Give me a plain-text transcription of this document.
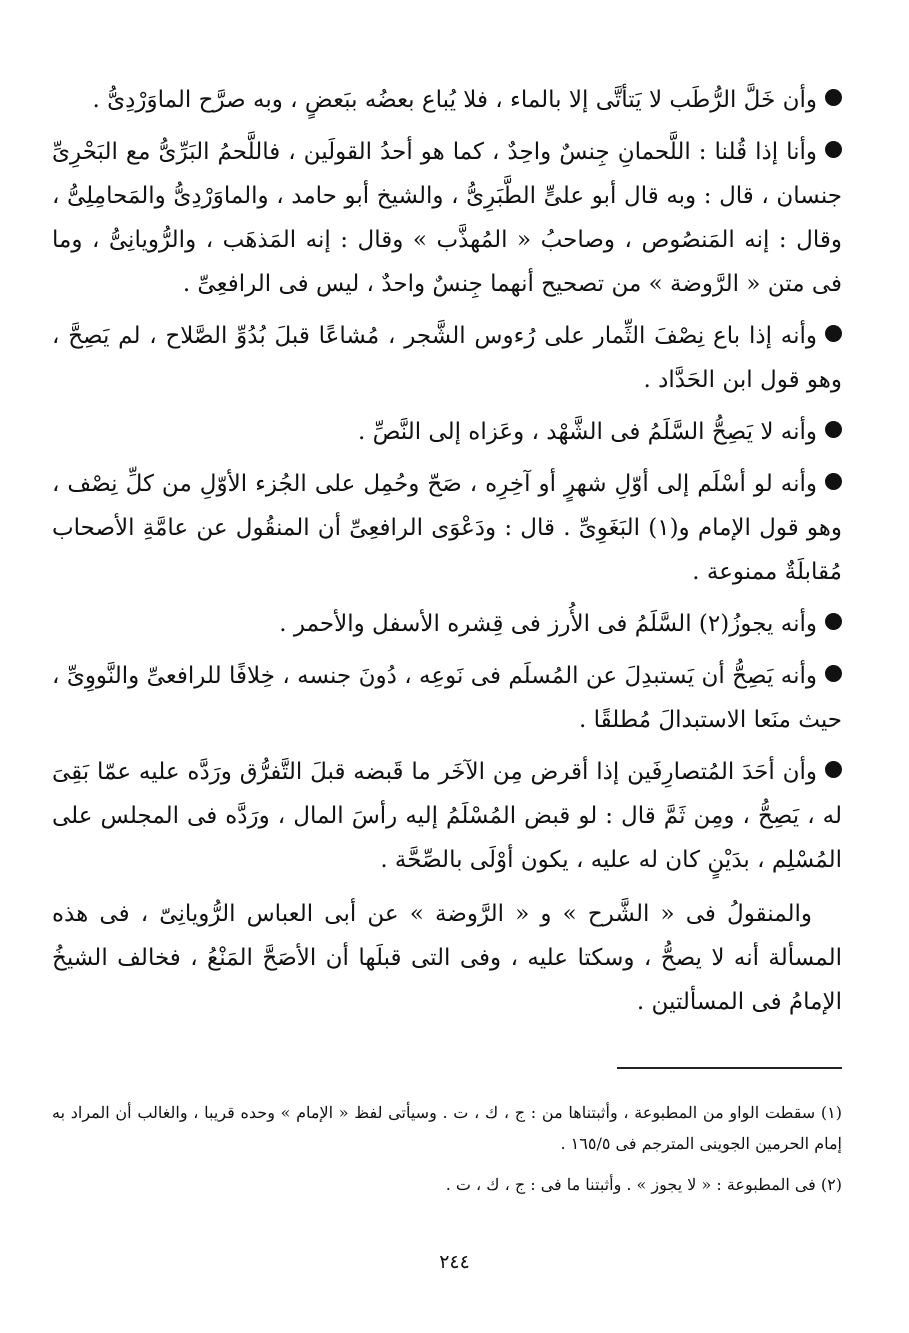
وأن خَلَّ الرُّطَب لا يَتأتَّى إلا بالماء ، فلا يُباع بعضُه ببَعضٍ ، وبه صرَّح الماوَرْدِىُّ .

وأنا إذا قُلنا : اللَّحمانِ جِنسٌ واحِدٌ ، كما هو أحدُ القولَين ، فاللَّحمُ البَرِّىُّ مع البَحْرِىِّ جنسان ، قال : وبه قال أبو علىٍّ الطَّبَرِىُّ ، والشيخ أبو حامد ، والماوَرْدِىُّ والمَحامِلِىُّ ، وقال : إنه المَنصُوص ، وصاحبُ « المُهذَّب » وقال : إنه المَذهَب ، والرُّويانِىُّ ، وما فى متن « الرَّوضة » من تصحيح أنهما جِنسٌ واحدٌ ، ليس فى الرافعِىِّ .

وأنه إذا باع نِصْفَ الثِّمار على رُءوس الشَّجر ، مُشاعًا قبلَ بُدُوِّ الصَّلاح ، لم يَصِحَّ ، وهو قول ابن الحَدَّاد .

وأنه لا يَصِحُّ السَّلَمُ فى الشَّهْد ، وعَزاه إلى النَّصِّ .

وأنه لو أسْلَم إلى أوّلِ شهرٍ أو آخِرِه ، صَحّ وحُمِل على الجُزء الأوّلِ من كلِّ نِصْف ، وهو قول الإمام و(١) البَغَوِىِّ . قال : ودَعْوَى الرافعِىِّ أن المنقُول عن عامَّةِ الأصحاب مُقابلَةٌ ممنوعة .

وأنه يجوزُ(٢) السَّلَمُ فى الأُرز فى قِشره الأسفل والأحمر .

وأنه يَصِحُّ أن يَستبدِلَ عن المُسلَم فى نَوعِه ، دُونَ جنسه ، خِلافًا للرافعىِّ والنَّووِىِّ ، حيث منَعا الاستبدالَ مُطلقًا .

وأن أحَدَ المُتصارِفَين إذا أقرض مِن الآخَر ما قَبضه قبلَ التَّفرُّق ورَدَّه عليه عمّا بَقِىَ له ، يَصِحُّ ، ومِن ثَمَّ قال : لو قبض المُسْلَمُ إليه رأسَ المال ، ورَدَّه فى المجلس على المُسْلِم ، بدَيْنٍ كان له عليه ، يكون أوْلَى بالصِّحَّة .

والمنقولُ فى « الشَّرح » و « الرَّوضة » عن أبى العباس الرُّويانِىّ ، فى هذه المسألة أنه لا يصحُّ ، وسكتا عليه ، وفى التى قبلَها أن الأصَحَّ المَنْعُ ، فخالف الشيخُ الإمامُ فى المسألتين .

(١) سقطت الواو من المطبوعة ، وأثبتناها من : ج ، ك ، ت . وسيأتى لفظ « الإمام » وحده قريبا ، والغالب أن المراد به إمام الحرمين الجوينى المترجم فى ١٦٥/٥ .

(٢) فى المطبوعة : « لا يجوز » . وأثبتنا ما فى : ج ، ك ، ت .

٢٤٤
